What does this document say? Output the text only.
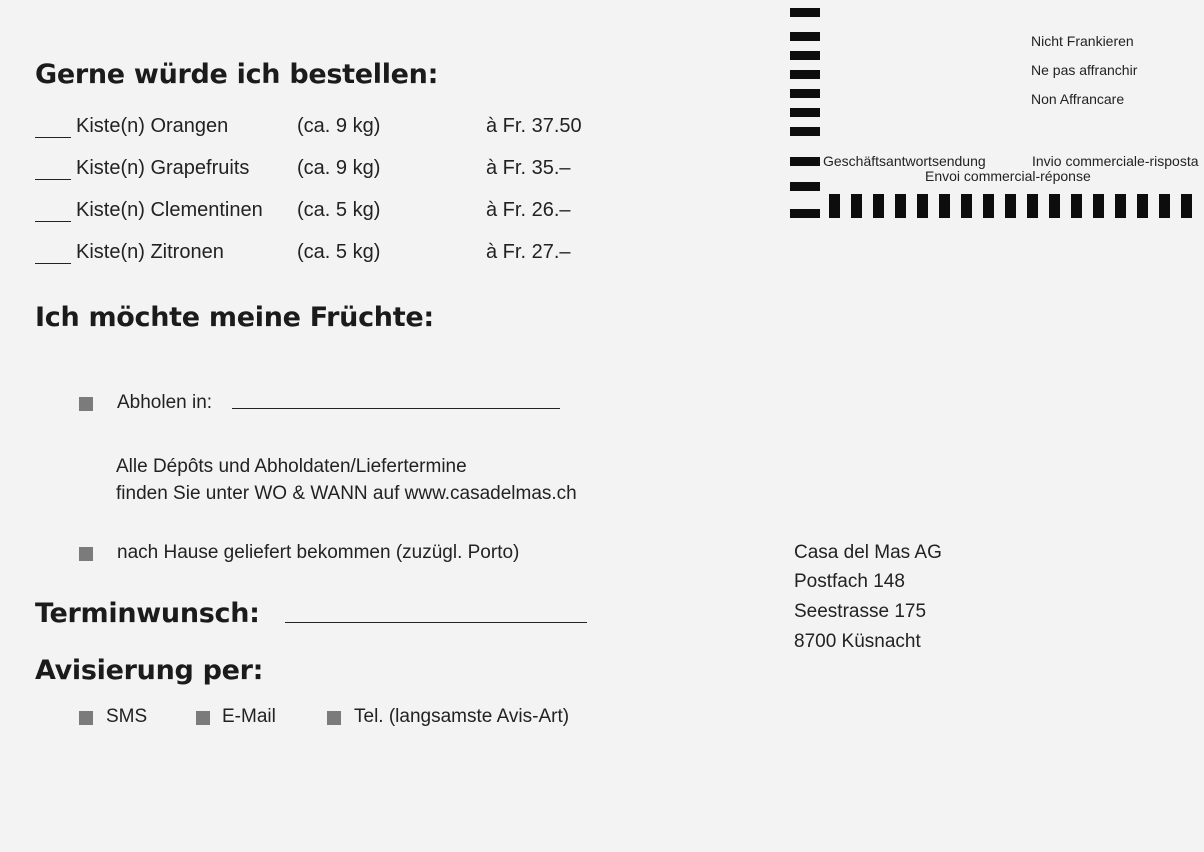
Gerne würde ich bestellen:
Kiste(n) Orangen	(ca. 9 kg)	à Fr. 37.50
Kiste(n) Grapefruits (ca. 9 kg)	à Fr. 35.–
Kiste(n) Clementinen (ca. 5 kg)	à Fr. 26.–
Kiste(n) Zitronen	(ca. 5 kg)	à Fr. 27.–
Ich möchte meine Früchte:
Abholen in:
Alle Dépôts und Abholdaten/Liefertermine
finden Sie unter WO & WANN auf www.casadelmas.ch
nach Hause geliefert bekommen (zuzügl. Porto)
Terminwunsch:
Avisierung per:
SMS	E-Mail	Tel. (langsamste Avis-Art)
Nicht Frankieren
Ne pas affranchir
Non Affrancare
Geschäftsantwortsendung	Invio commerciale-risposta
Envoi commercial-réponse
Casa del Mas AG
Postfach 148
Seestrasse 175
8700 Küsnacht
